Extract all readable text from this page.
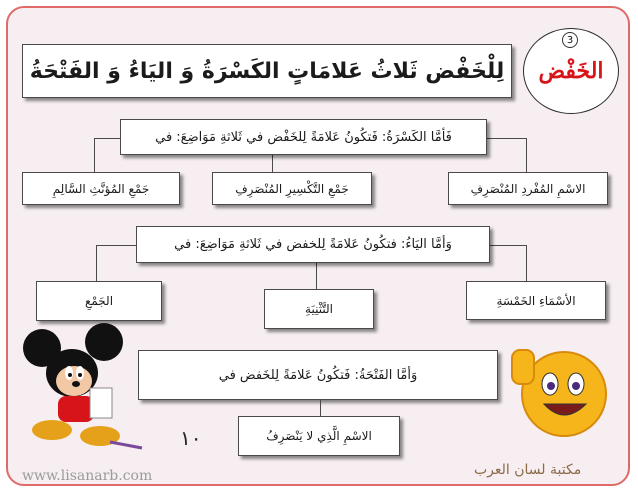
الخَفْض
3
لِلْخَفْض ثَلاثُ عَلامَاتٍ الكَسْرَةُ وَ اليَاءُ وَ الفَتْحَةُ
فَأمَّا الكَسْرَةُ: فَتكُونُ عَلامَةً لِلخَفْض في ثَلاثةِ مَوَاضِعَ: في
الاسْمِ المُفْردِ المُنْصَرِفِ
جَمْعِ التَّكْسِيرِ المُنْصَرِفِ
جَمْعِ المُؤنَّثِ السَّالِمِ
وَأمَّا اليَاءُ: فتكُونُ عَلامَةً لِلخفض في ثَلاثةِ مَوَاضِعَ: في
الأسْمَاءِ الخَمْسَةِ
التَّثْنِيَةِ
الجَمْعِ
وَأمَّا الفَتْحَةُ: فَتكُونُ عَلامَةً لِلخَفض في
الاسْمِ الَّذِي لا يَنْصَرِفُ
١٠
www.lisanarb.com	مكتبة لسان العرب
